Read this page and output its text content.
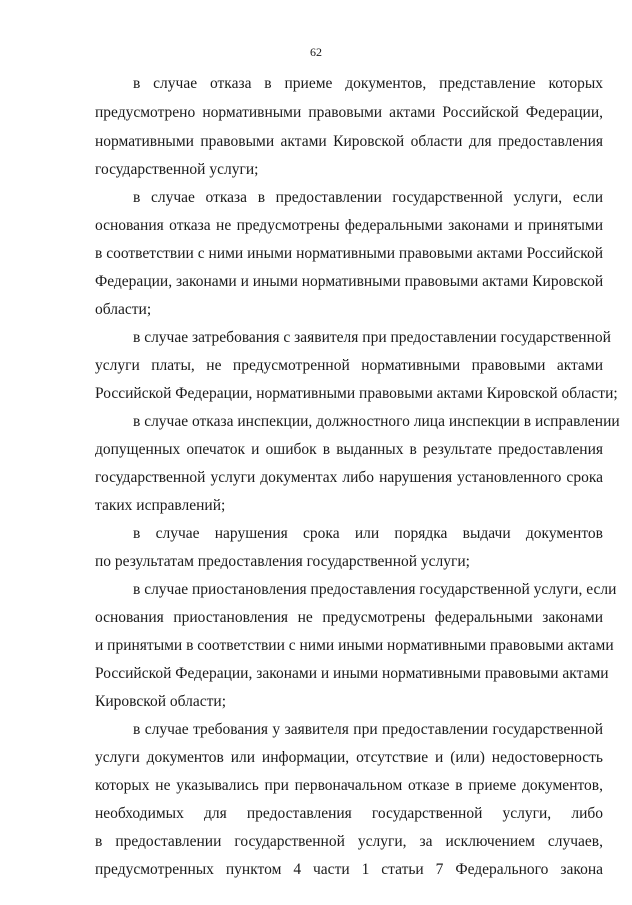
62
в случае отказа в приеме документов, представление которых
предусмотрено нормативными правовыми актами Российской Федерации,
нормативными правовыми актами Кировской области для предоставления
государственной услуги;
в случае отказа в предоставлении государственной услуги, если
основания отказа не предусмотрены федеральными законами и принятыми
в соответствии с ними иными нормативными правовыми актами Российской
Федерации, законами и иными нормативными правовыми актами Кировской
области;
в случае затребования с заявителя при предоставлении государственной
услуги платы, не предусмотренной нормативными правовыми актами
Российской Федерации, нормативными правовыми актами Кировской области;
в случае отказа инспекции, должностного лица инспекции в исправлении
допущенных опечаток и ошибок в выданных в результате предоставления
государственной услуги документах либо нарушения установленного срока
таких исправлений;
в случае нарушения срока или порядка выдачи документов
по результатам предоставления государственной услуги;
в случае приостановления предоставления государственной услуги, если
основания приостановления не предусмотрены федеральными законами
и принятыми в соответствии с ними иными нормативными правовыми актами
Российской Федерации, законами и иными нормативными правовыми актами
Кировской области;
в случае требования у заявителя при предоставлении государственной
услуги документов или информации, отсутствие и (или) недостоверность
которых не указывались при первоначальном отказе в приеме документов,
необходимых для предоставления государственной услуги, либо
в предоставлении государственной услуги, за исключением случаев,
предусмотренных пунктом 4 части 1 статьи 7 Федерального закона
